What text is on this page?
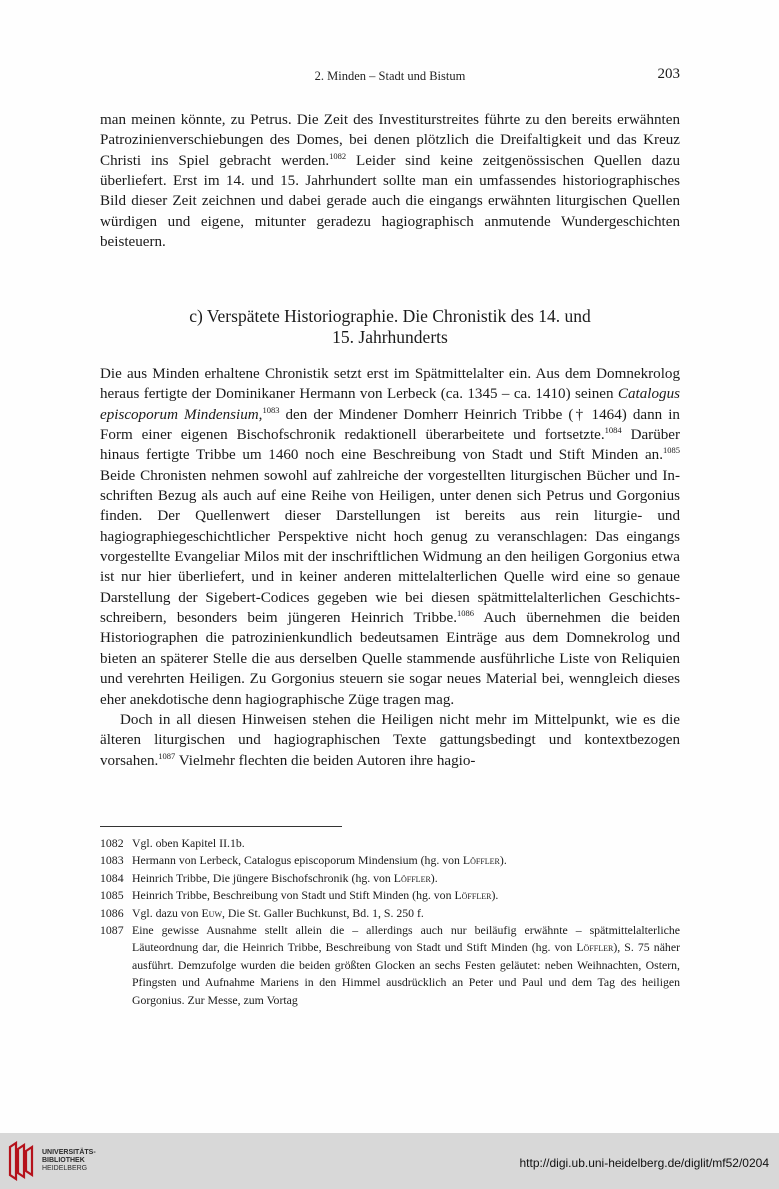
2. Minden – Stadt und Bistum	203

man meinen könnte, zu Petrus. Die Zeit des Investiturstreites führte zu den bereits erwähnten Patrozinienverschiebungen des Domes, bei denen plötzlich die Dreifaltigkeit und das Kreuz Christi ins Spiel gebracht werden.$^{1082}$ Leider sind keine zeitgenössischen Quellen dazu überliefert. Erst im 14. und 15. Jahrhundert sollte man ein umfassendes historiographisches Bild dieser Zeit zeichnen und dabei gerade auch die eingangs erwähnten liturgischen Quellen würdigen und eigene, mitunter geradezu hagiographisch anmutende Wundergeschichten beisteuern.

c) Verspätete Historiographie. Die Chronistik des 14. und
15. Jahrhunderts

Die aus Minden erhaltene Chronistik setzt erst im Spätmittelalter ein. Aus dem Domnekrolog heraus fertigte der Dominikaner Hermann von Lerbeck (ca. 1345 – ca. 1410) seinen Catalogus episcoporum Mindensium,$^{1083}$ den der Mindener Domherr Heinrich Tribbe († 1464) dann in Form einer eigenen Bischofschronik redaktionell überarbeitete und fortsetzte.$^{1084}$ Darüber hinaus fertigte Tribbe um 1460 noch eine Beschreibung von Stadt und Stift Minden an.$^{1085}$ Beide Chronisten nehmen sowohl auf zahlreiche der vorgestellten liturgischen Bücher und Inschriften Bezug als auch auf eine Reihe von Heiligen, unter denen sich Petrus und Gorgonius finden. Der Quellenwert dieser Darstellungen ist bereits aus rein liturgie- und hagiographiegeschichtlicher Perspektive nicht hoch genug zu veranschlagen: Das eingangs vorgestellte Evangeliar Milos mit der inschriftlichen Widmung an den heiligen Gorgonius etwa ist nur hier überliefert, und in keiner anderen mittelalterlichen Quelle wird eine so genaue Darstellung der Sigebert-Codices gegeben wie bei diesen spätmittelalterlichen Geschichtsschreibern, besonders beim jüngeren Heinrich Tribbe.$^{1086}$ Auch übernehmen die beiden Historiographen die patrozinienkundlich bedeutsamen Einträge aus dem Domnekrolog und bieten an späterer Stelle die aus derselben Quelle stammende ausführliche Liste von Reliquien und verehrten Heiligen. Zu Gorgonius steuern sie sogar neues Material bei, wenngleich dieses eher anekdotische denn hagiographische Züge tragen mag.

Doch in all diesen Hinweisen stehen die Heiligen nicht mehr im Mittelpunkt, wie es die älteren liturgischen und hagiographischen Texte gattungsbedingt und kontextbezogen vorsahen.$^{1087}$ Vielmehr flechten die beiden Autoren ihre hagio-

1082 Vgl. oben Kapitel II.1b.
1083 Hermann von Lerbeck, Catalogus episcoporum Mindensium (hg. von Löffler).
1084 Heinrich Tribbe, Die jüngere Bischofschronik (hg. von Löffler).
1085 Heinrich Tribbe, Beschreibung von Stadt und Stift Minden (hg. von Löffler).
1086 Vgl. dazu von Euw, Die St. Galler Buchkunst, Bd. 1, S. 250 f.
1087 Eine gewisse Ausnahme stellt allein die – allerdings auch nur beiläufig erwähnte – spätmittelalterliche Läuteordnung dar, die Heinrich Tribbe, Beschreibung von Stadt und Stift Minden (hg. von Löffler), S. 75 näher ausführt. Demzufolge wurden die beiden größten Glocken an sechs Festen geläutet: neben Weihnachten, Ostern, Pfingsten und Aufnahme Mariens in den Himmel ausdrücklich an Peter und Paul und dem Tag des heiligen Gorgonius. Zur Messe, zum Vortag
UNIVERSITÄTS-
BIBLIOTHEK
HEIDELBERG	http://digi.ub.uni-heidelberg.de/diglit/mf52/0204
